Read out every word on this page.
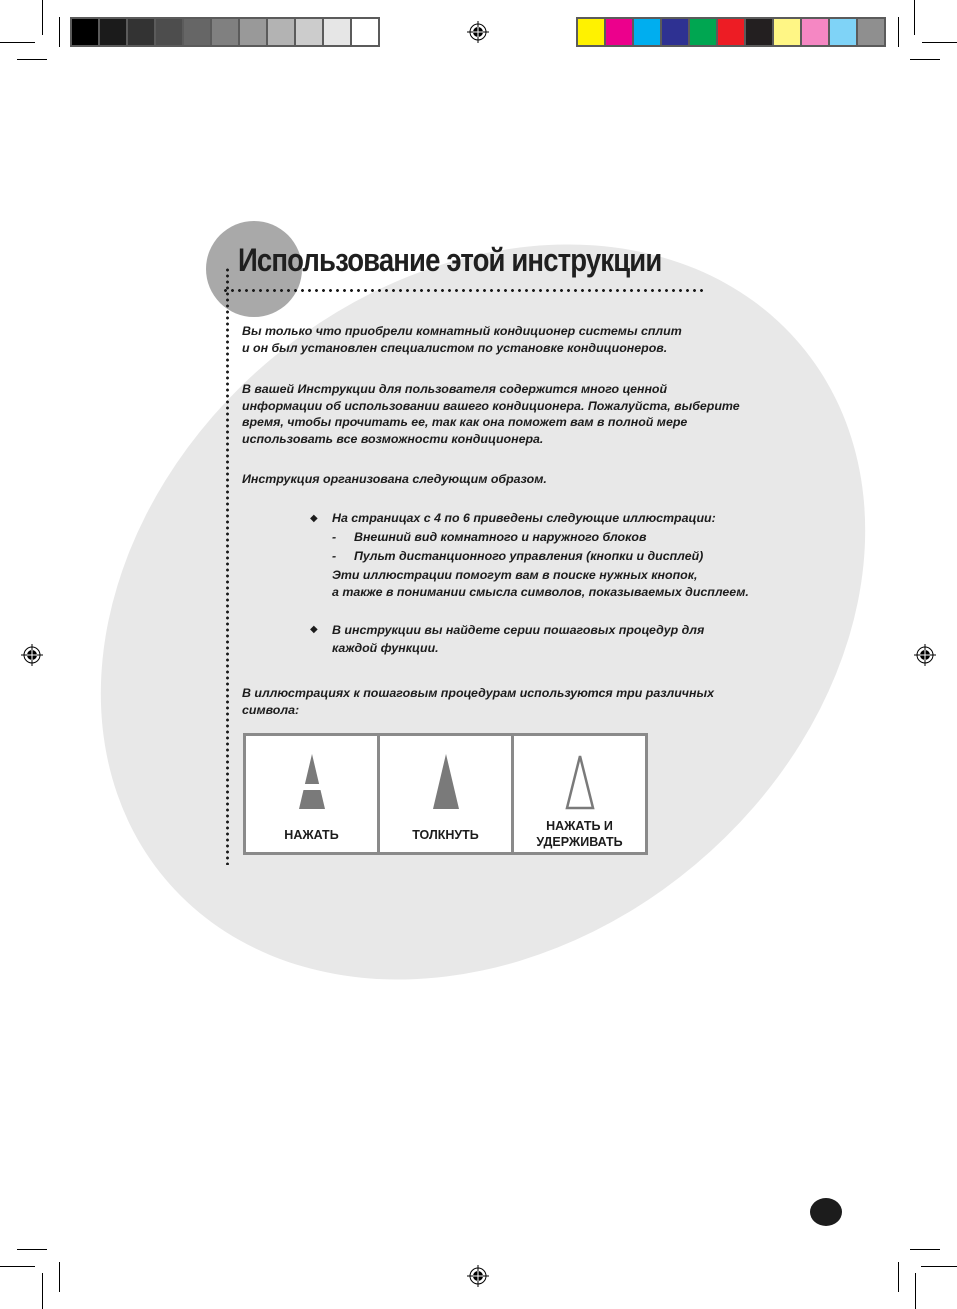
Использование этой инструкции

Вы только что приобрели комнатный кондиционер системы сплит
и он был установлен специалистом по установке кондиционеров.

В вашей Инструкции для пользователя содержится много ценной
информации об использовании вашего кондиционера. Пожалуйста, выберите
время, чтобы прочитать ее, так как она поможет вам в полной мере
использовать все возможности кондиционера.

Инструкция организована следующим образом.

◆ На страницах с 4 по 6 приведены следующие иллюстрации:

- Внешний вид комнатного и наружного блоков
- Пульт дистанционного управления (кнопки и дисплей)

Эти иллюстрации помогут вам в поиске нужных кнопок,
а также в понимании смысла символов, показываемых дисплеем.

◆ В инструкции вы найдете серии пошаговых процедур для
каждой функции.

В иллюстрациях к пошаговым процедурам используются три различных
символа:

НАЖАТЬ	ТОЛКНУТЬ
НАЖАТЬ И
УДЕРЖИВАТЬ
